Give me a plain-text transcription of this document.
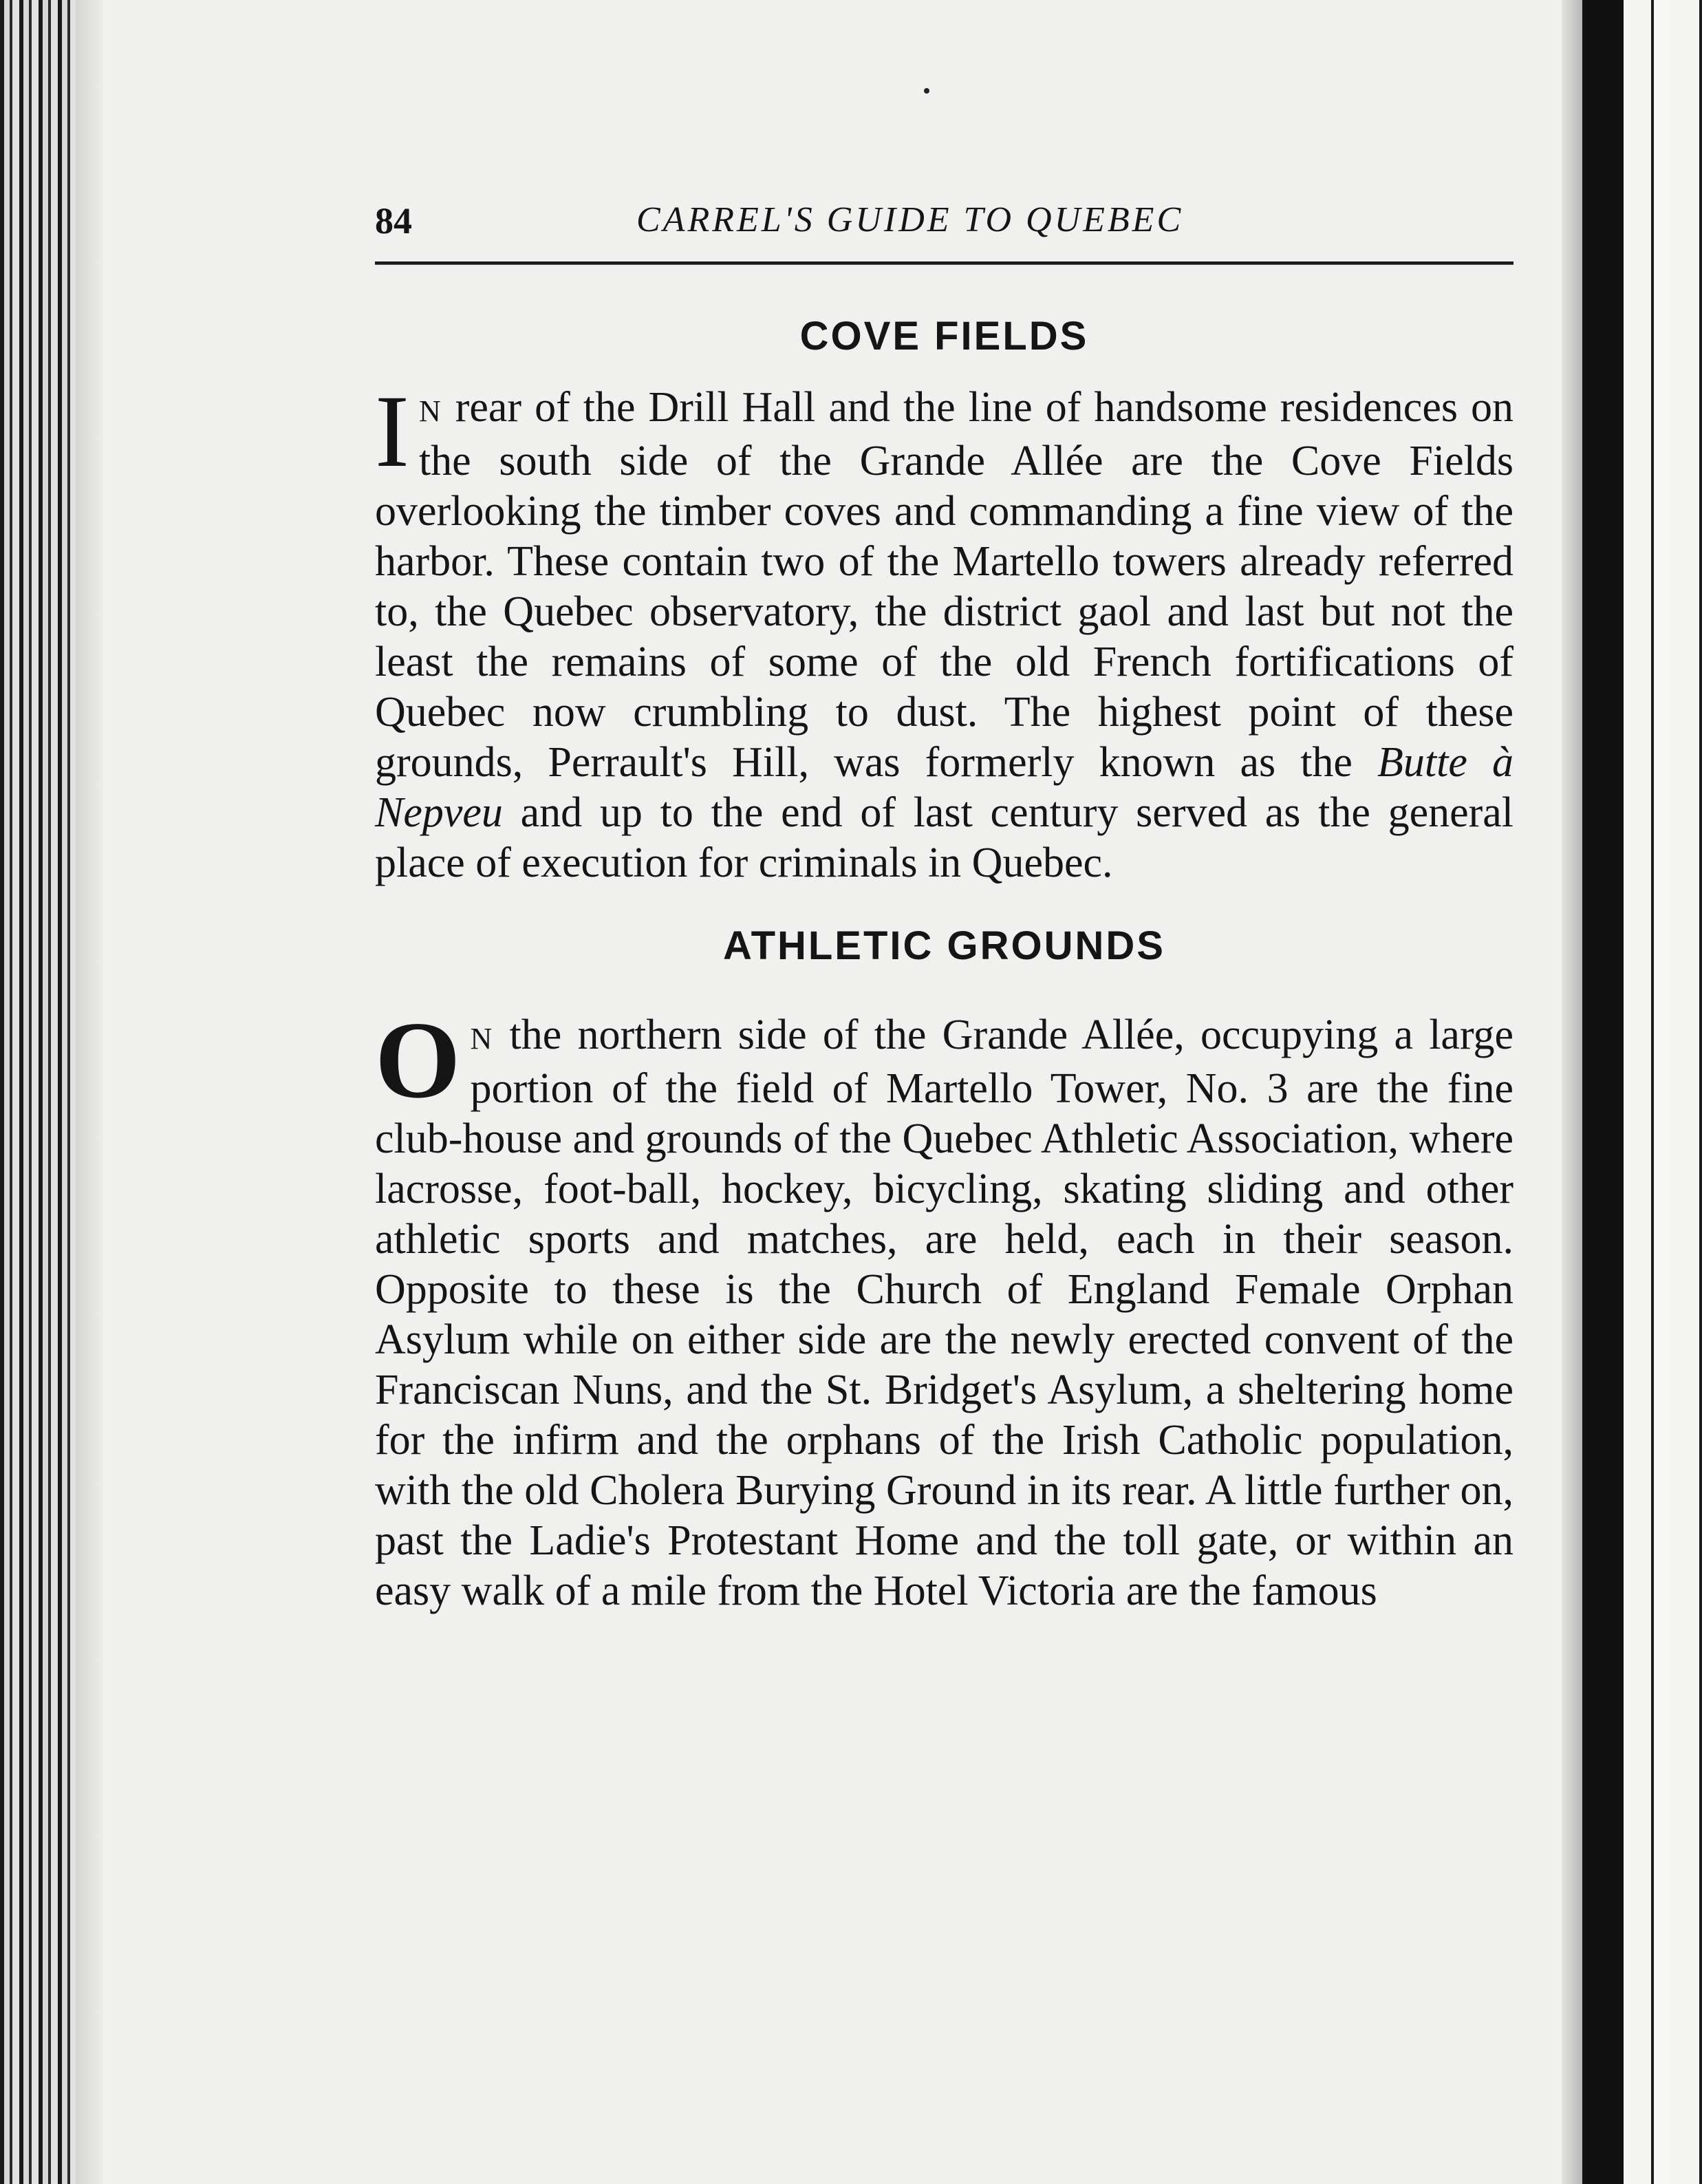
84	CARREL'S GUIDE TO QUEBEC
COVE FIELDS

I N rear of the Drill Hall and the line of handsome residences on the south side of the Grande Allée are the Cove Fields overlooking the timber coves and commanding a fine view of the harbor. These contain two of the Martello towers already referred to, the Quebec observatory, the district gaol and last but not the least the remains of some of the old French fortifications of Quebec now crumbling to dust. The highest point of these grounds, Perrault's Hill, was formerly known as the Butte à Nepveu and up to the end of last century served as the general place of execution for criminals in Quebec.

ATHLETIC GROUNDS

O N the northern side of the Grande Allée, occupying a large portion of the field of Martello Tower, No. 3 are the fine club-house and grounds of the Quebec Athletic Association, where lacrosse, foot-ball, hockey, bicycling, skating sliding and other athletic sports and matches, are held, each in their season. Opposite to these is the Church of England Female Orphan Asylum while on either side are the newly erected convent of the Franciscan Nuns, and the St. Bridget's Asylum, a sheltering home for the infirm and the orphans of the Irish Catholic population, with the old Cholera Burying Ground in its rear. A little further on, past the Ladie's Protestant Home and the toll gate, or within an easy walk of a mile from the Hotel Victoria are the famous
